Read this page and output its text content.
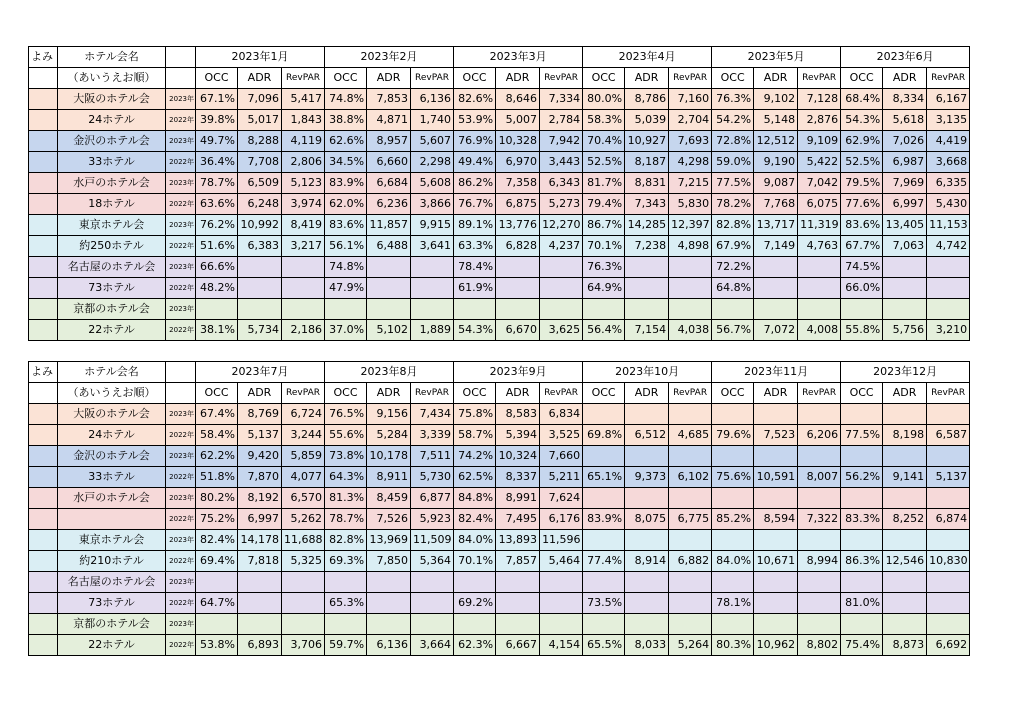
よみ	ホテル会名		2023年1月			2023年2月			2023年3月			2023年4月			2023年5月			2023年6月		
	（あいうえお順）		OCC	ADR	RevPAR	OCC	ADR	RevPAR	OCC	ADR	RevPAR	OCC	ADR	RevPAR	OCC	ADR	RevPAR	OCC	ADR	RevPAR
	大阪のホテル会	2023年	67.1%	7,096	5,417	74.8%	7,853	6,136	82.6%	8,646	7,334	80.0%	8,786	7,160	76.3%	9,102	7,128	68.4%	8,334	6,167
	24ホテル	2022年	39.8%	5,017	1,843	38.8%	4,871	1,740	53.9%	5,007	2,784	58.3%	5,039	2,704	54.2%	5,148	2,876	54.3%	5,618	3,135
	金沢のホテル会	2023年	49.7%	8,288	4,119	62.6%	8,957	5,607	76.9%	10,328	7,942	70.4%	10,927	7,693	72.8%	12,512	9,109	62.9%	7,026	4,419
	33ホテル	2022年	36.4%	7,708	2,806	34.5%	6,660	2,298	49.4%	6,970	3,443	52.5%	8,187	4,298	59.0%	9,190	5,422	52.5%	6,987	3,668
	水戸のホテル会	2023年	78.7%	6,509	5,123	83.9%	6,684	5,608	86.2%	7,358	6,343	81.7%	8,831	7,215	77.5%	9,087	7,042	79.5%	7,969	6,335
	18ホテル	2022年	63.6%	6,248	3,974	62.0%	6,236	3,866	76.7%	6,875	5,273	79.4%	7,343	5,830	78.2%	7,768	6,075	77.6%	6,997	5,430
	東京ホテル会	2023年	76.2%	10,992	8,419	83.6%	11,857	9,915	89.1%	13,776	12,270	86.7%	14,285	12,397	82.8%	13,717	11,319	83.6%	13,405	11,153
	約250ホテル	2022年	51.6%	6,383	3,217	56.1%	6,488	3,641	63.3%	6,828	4,237	70.1%	7,238	4,898	67.9%	7,149	4,763	67.7%	7,063	4,742
	名古屋のホテル会	2023年	66.6%			74.8%			78.4%			76.3%			72.2%			74.5%		
	73ホテル	2022年	48.2%			47.9%			61.9%			64.9%			64.8%			66.0%		
	京都のホテル会	2023年																		
	22ホテル	2022年	38.1%	5,734	2,186	37.0%	5,102	1,889	54.3%	6,670	3,625	56.4%	7,154	4,038	56.7%	7,072	4,008	55.8%	5,756	3,210
よみ	ホテル会名		2023年7月			2023年8月			2023年9月			2023年10月			2023年11月			2023年12月		
	（あいうえお順）		OCC	ADR	RevPAR	OCC	ADR	RevPAR	OCC	ADR	RevPAR	OCC	ADR	RevPAR	OCC	ADR	RevPAR	OCC	ADR	RevPAR
	大阪のホテル会	2023年	67.4%	8,769	6,724	76.5%	9,156	7,434	75.8%	8,583	6,834									
	24ホテル	2022年	58.4%	5,137	3,244	55.6%	5,284	3,339	58.7%	5,394	3,525	69.8%	6,512	4,685	79.6%	7,523	6,206	77.5%	8,198	6,587
	金沢のホテル会	2023年	62.2%	9,420	5,859	73.8%	10,178	7,511	74.2%	10,324	7,660									
	33ホテル	2022年	51.8%	7,870	4,077	64.3%	8,911	5,730	62.5%	8,337	5,211	65.1%	9,373	6,102	75.6%	10,591	8,007	56.2%	9,141	5,137
	水戸のホテル会	2023年	80.2%	8,192	6,570	81.3%	8,459	6,877	84.8%	8,991	7,624									
		2022年	75.2%	6,997	5,262	78.7%	7,526	5,923	82.4%	7,495	6,176	83.9%	8,075	6,775	85.2%	8,594	7,322	83.3%	8,252	6,874
	東京ホテル会	2023年	82.4%	14,178	11,688	82.8%	13,969	11,509	84.0%	13,893	11,596									
	約210ホテル	2022年	69.4%	7,818	5,325	69.3%	7,850	5,364	70.1%	7,857	5,464	77.4%	8,914	6,882	84.0%	10,671	8,994	86.3%	12,546	10,830
	名古屋のホテル会	2023年																		
	73ホテル	2022年	64.7%			65.3%			69.2%			73.5%			78.1%			81.0%		
	京都のホテル会	2023年																		
	22ホテル	2022年	53.8%	6,893	3,706	59.7%	6,136	3,664	62.3%	6,667	4,154	65.5%	8,033	5,264	80.3%	10,962	8,802	75.4%	8,873	6,692
